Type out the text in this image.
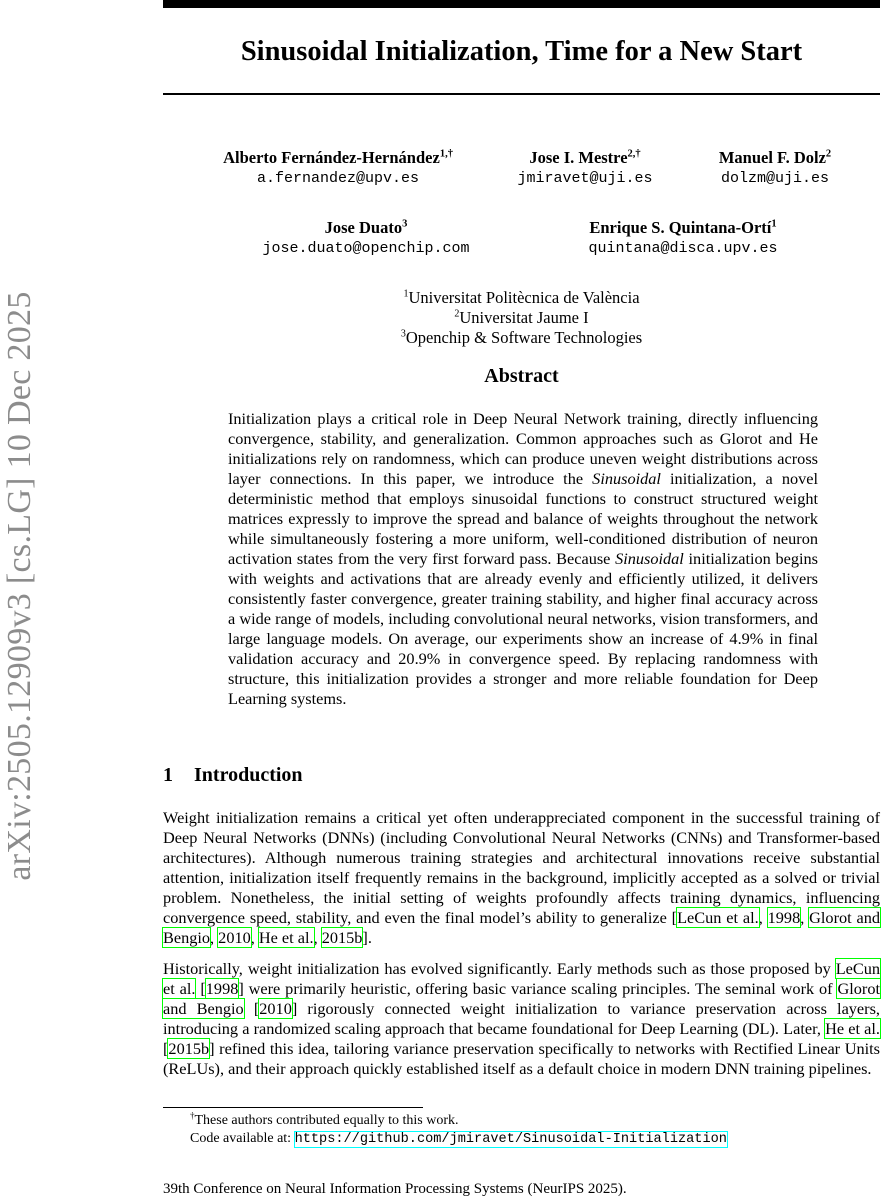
arXiv:2505.12909v3 [cs.LG] 10 Dec 2025
Sinusoidal Initialization, Time for a New Start
Alberto Fernández-Hernández$^{1,\dagger}$
a.fernandez@upv.es
Jose I. Mestre$^{2,\dagger}$
jmiravet@uji.es
Manuel F. Dolz$^2$
dolzm@uji.es
Jose Duato$^3$
jose.duato@openchip.com
Enrique S. Quintana-Ortí$^1$
quintana@disca.upv.es
$^1$Universitat Politècnica de València
$^2$Universitat Jaume I
$^3$Openchip & Software Technologies
Abstract

Initialization plays a critical role in Deep Neural Network training, directly influencing convergence, stability, and generalization. Common approaches such as Glorot and He initializations rely on randomness, which can produce uneven weight distributions across layer connections. In this paper, we introduce the Sinusoidal initialization, a novel deterministic method that employs sinusoidal functions to construct structured weight matrices expressly to improve the spread and balance of weights throughout the network while simultaneously fostering a more uniform, well-conditioned distribution of neuron activation states from the very first forward pass. Because Sinusoidal initialization begins with weights and activations that are already evenly and efficiently utilized, it delivers consistently faster convergence, greater training stability, and higher final accuracy across a wide range of models, including convolutional neural networks, vision transformers, and large language models. On average, our experiments show an increase of 4.9% in final validation accuracy and 20.9% in convergence speed. By replacing randomness with structure, this initialization provides a stronger and more reliable foundation for Deep Learning systems.

1 Introduction

Weight initialization remains a critical yet often underappreciated component in the successful training of Deep Neural Networks (DNNs) (including Convolutional Neural Networks (CNNs) and Transformer-based architectures). Although numerous training strategies and architectural innovations receive substantial attention, initialization itself frequently remains in the background, implicitly accepted as a solved or trivial problem. Nonetheless, the initial setting of weights profoundly affects training dynamics, influencing convergence speed, stability, and even the final model’s ability to generalize [LeCun et al., 1998, Glorot and Bengio, 2010, He et al., 2015b].

Historically, weight initialization has evolved significantly. Early methods such as those proposed by LeCun et al. [1998] were primarily heuristic, offering basic variance scaling principles. The seminal work of Glorot and Bengio [2010] rigorously connected weight initialization to variance preservation across layers, introducing a randomized scaling approach that became foundational for Deep Learning (DL). Later, He et al. [2015b] refined this idea, tailoring variance preservation specifically to networks with Rectified Linear Units (ReLUs), and their approach quickly established itself as a default choice in modern DNN training pipelines.

†These authors contributed equally to this work.
Code available at: https://github.com/jmiravet/Sinusoidal-Initialization
39th Conference on Neural Information Processing Systems (NeurIPS 2025).
